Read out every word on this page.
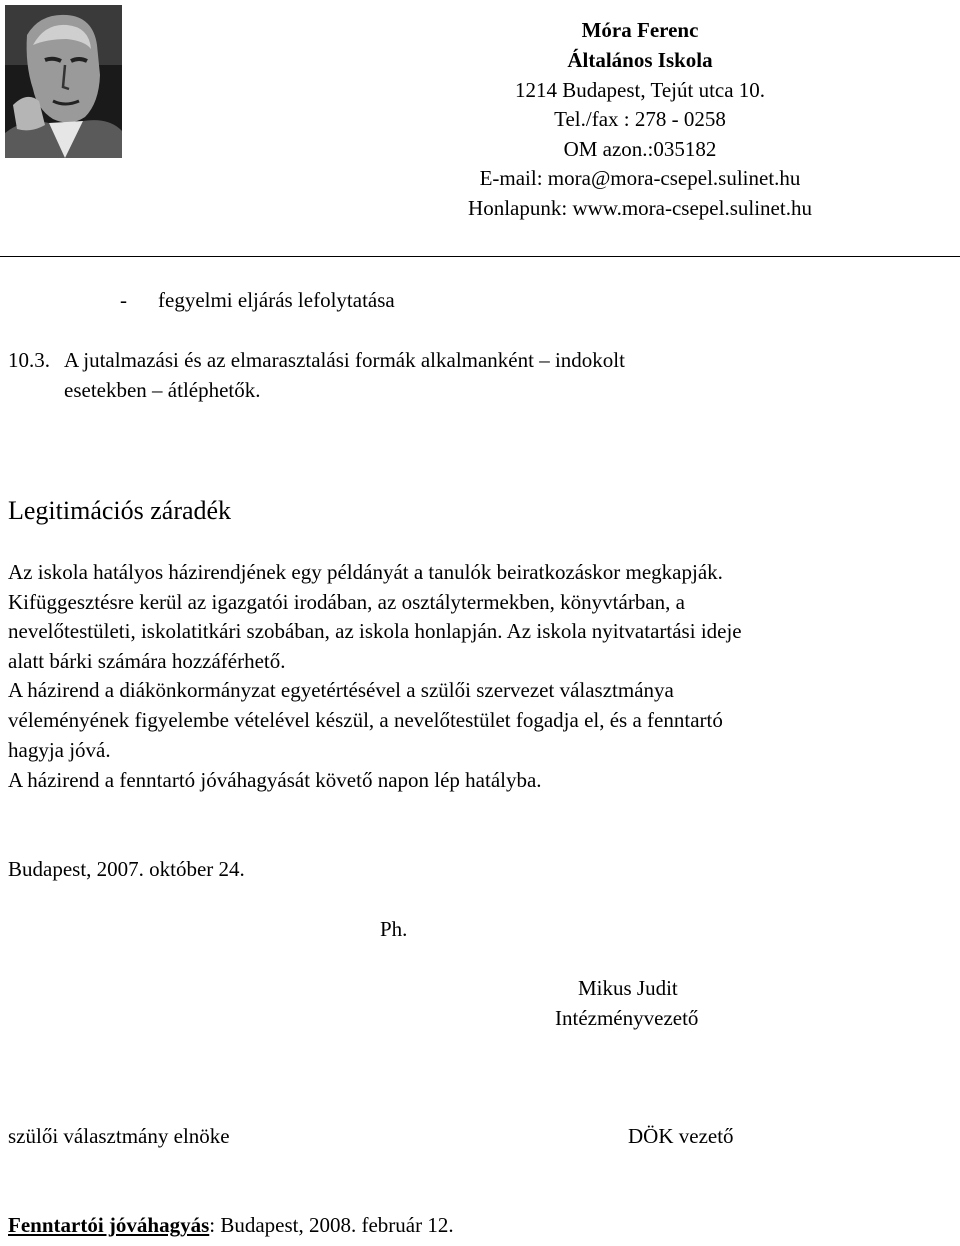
Móra Ferenc
Általános Iskola
1214 Budapest, Tejút utca 10.
Tel./fax : 278 - 0258
OM azon.:035182
E-mail: mora@mora-csepel.sulinet.hu
Honlapunk: www.mora-csepel.sulinet.hu
- fegyelmi eljárás lefolytatása
10.3. A jutalmazási és az elmarasztalási formák alkalmanként – indokolt
esetekben – átléphetők.
Legitimációs záradék
Az iskola hatályos házirendjének egy példányát a tanulók beiratkozáskor megkapják.
Kifüggesztésre kerül az igazgatói irodában, az osztálytermekben, könyvtárban, a
nevelőtestületi, iskolatitkári szobában, az iskola honlapján. Az iskola nyitvatartási ideje
alatt bárki számára hozzáférhető.
A házirend a diákönkormányzat egyetértésével a szülői szervezet választmánya
véleményének figyelembe vételével készül, a nevelőtestület fogadja el, és a fenntartó
hagyja jóvá.
A házirend a fenntartó jóváhagyását követő napon lép hatályba.
Budapest, 2007. október 24.
Ph.
Mikus Judit
Intézményvezető
szülői választmány elnöke	DÖK vezető
Fenntartói jóváhagyás: Budapest, 2008. február 12.
